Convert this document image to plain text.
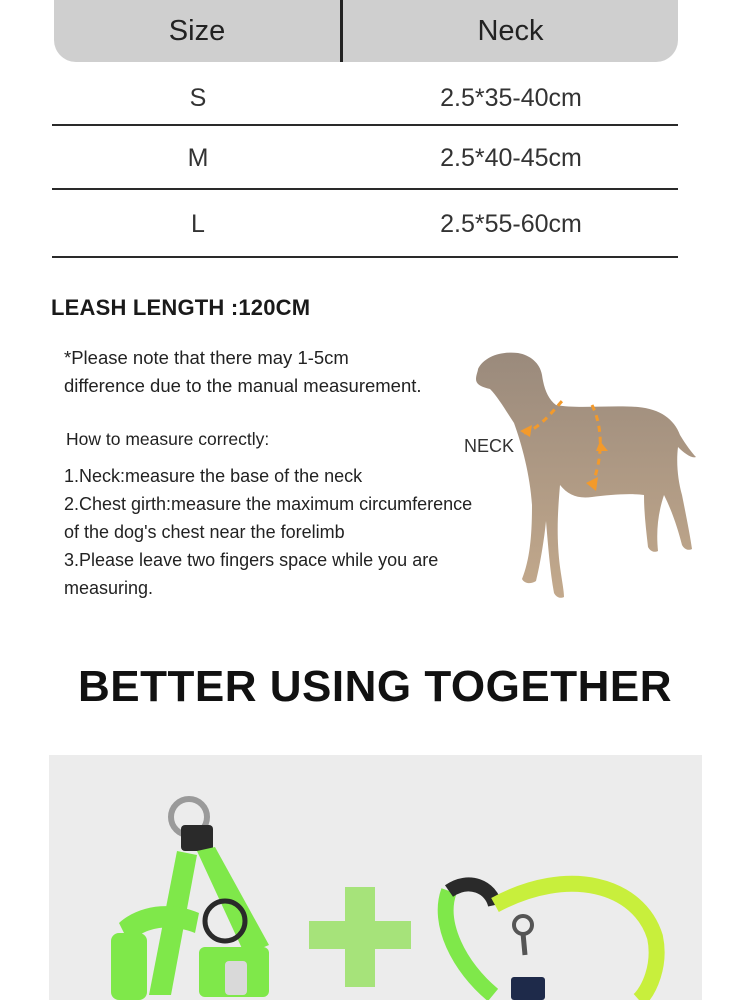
Size	Neck
S	2.5*35-40cm
M	2.5*40-45cm
L	2.5*55-60cm
LEASH LENGTH :120CM
*Please note that there may 1-5cm
difference due to the manual measurement.
How to measure correctly:
1.Neck:measure the base of the neck
2.Chest girth:measure the maximum circumference
of the dog's chest near the forelimb
3.Please leave two fingers space while you are
measuring.
NECK
BETTER USING TOGETHER
